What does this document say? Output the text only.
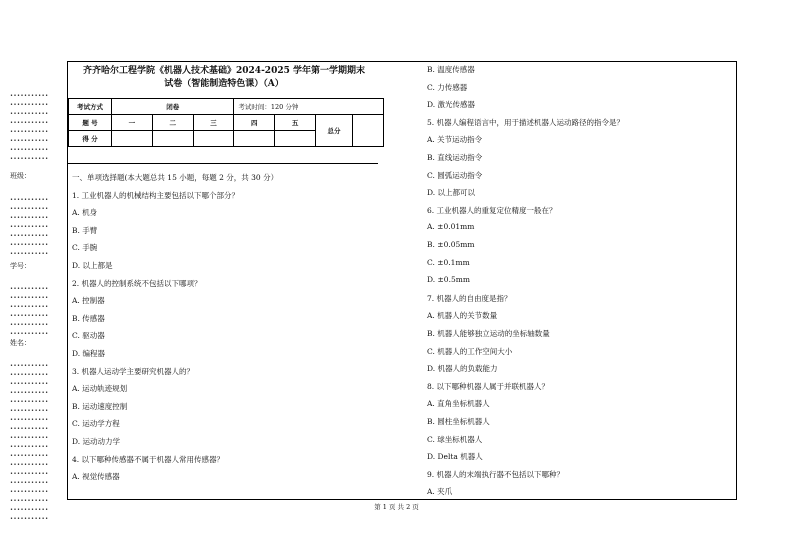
•••••••••••
•••••••••••
•••••••••••
•••••••••••
•••••••••••
•••••••••••
•••••••••••
•••••••••••
班级：
•••••••••••
•••••••••••
•••••••••••
•••••••••••
•••••••••••
•••••••••••
•••••••••••
学号：
•••••••••••
•••••••••••
•••••••••••
•••••••••••
•••••••••••
•••••••••••
姓名：
•••••••••••
•••••••••••
•••••••••••
•••••••••••
•••••••••••
•••••••••••
•••••••••••
•••••••••••
•••••••••••
•••••••••••
•••••••••••
•••••••••••
•••••••••••
•••••••••••
•••••••••••
•••••••••••
•••••••••••
•••••••••••
齐齐哈尔工程学院《机器人技术基础》2024-2025 学年第一学期期末
试卷（智能制造特色课）（A）
考试方式	闭卷			考试时间：120 分钟			
题 号	一	二	三	四	五	总分	
得 分							
一、单项选择题(本大题总共 15 小题，每题 2 分，共 30 分）
1. 工业机器人的机械结构主要包括以下哪个部分？
A. 机身
B. 手臂
C. 手腕
D. 以上都是
2. 机器人的控制系统不包括以下哪项？
A. 控制器
B. 传感器
C. 驱动器
D. 编程器
3. 机器人运动学主要研究机器人的？
A. 运动轨迹规划
B. 运动速度控制
C. 运动学方程
D. 运动动力学
4. 以下哪种传感器不属于机器人常用传感器？
A. 视觉传感器
B. 温度传感器
C. 力传感器
D. 激光传感器
5. 机器人编程语言中，用于描述机器人运动路径的指令是？
A. 关节运动指令
B. 直线运动指令
C. 圆弧运动指令
D. 以上都可以
6. 工业机器人的重复定位精度一般在？
A. ±0.01mm
B. ±0.05mm
C. ±0.1mm
D. ±0.5mm
7. 机器人的自由度是指？
A. 机器人的关节数量
B. 机器人能够独立运动的坐标轴数量
C. 机器人的工作空间大小
D. 机器人的负载能力
8. 以下哪种机器人属于并联机器人？
A. 直角坐标机器人
B. 圆柱坐标机器人
C. 球坐标机器人
D. Delta 机器人
9. 机器人的末端执行器不包括以下哪种？
A. 夹爪
第 1 页 共 2 页
